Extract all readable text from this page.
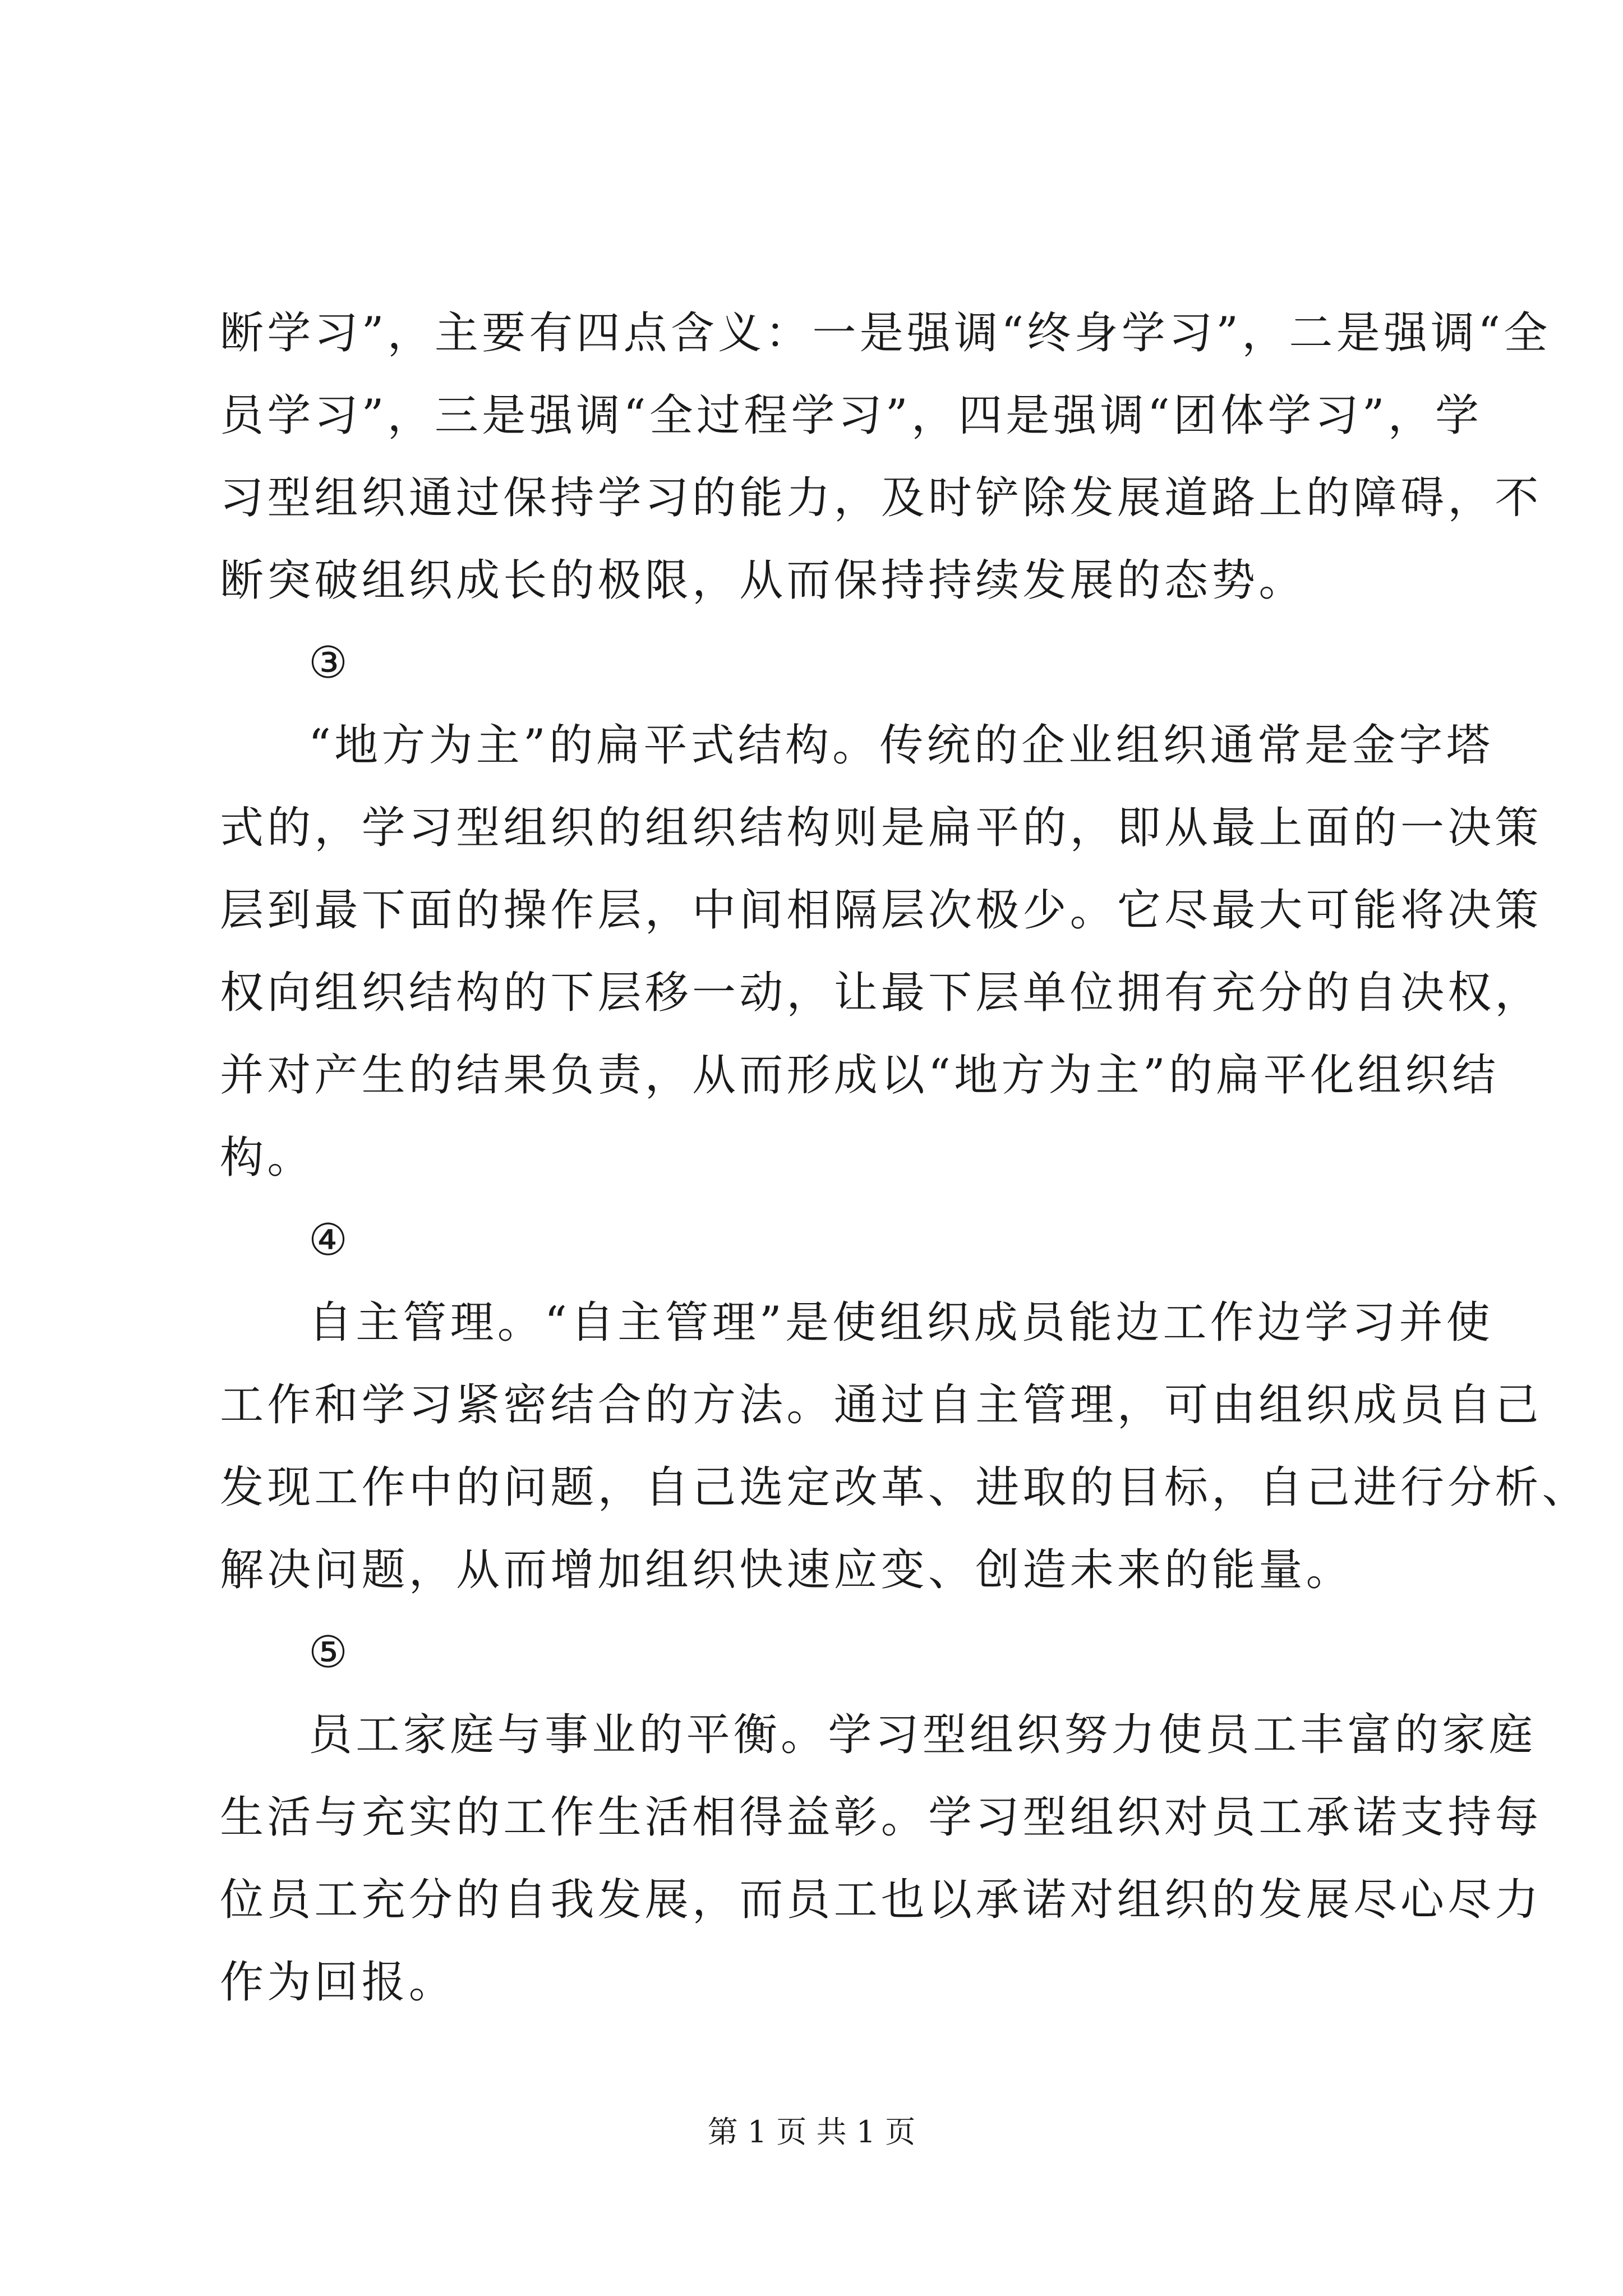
断学习”，主要有四点含义：一是强调“终身学习”，二是强调“全
员学习”，三是强调“全过程学习”，四是强调“团体学习”，学
习型组织通过保持学习的能力，及时铲除发展道路上的障碍，不
断突破组织成长的极限，从而保持持续发展的态势。
③
“地方为主”的扁平式结构。传统的企业组织通常是金字塔
式的，学习型组织的组织结构则是扁平的，即从最上面的一决策
层到最下面的操作层，中间相隔层次极少。它尽最大可能将决策
权向组织结构的下层移一动，让最下层单位拥有充分的自决权，
并对产生的结果负责，从而形成以“地方为主”的扁平化组织结
构。
④
自主管理。“自主管理”是使组织成员能边工作边学习并使
工作和学习紧密结合的方法。通过自主管理，可由组织成员自己
发现工作中的问题，自己选定改革、进取的目标，自己进行分析、
解决问题，从而增加组织快速应变、创造未来的能量。
⑤
员工家庭与事业的平衡。学习型组织努力使员工丰富的家庭
生活与充实的工作生活相得益彰。学习型组织对员工承诺支持每
位员工充分的自我发展，而员工也以承诺对组织的发展尽心尽力
作为回报。
第 1 页 共 1 页
